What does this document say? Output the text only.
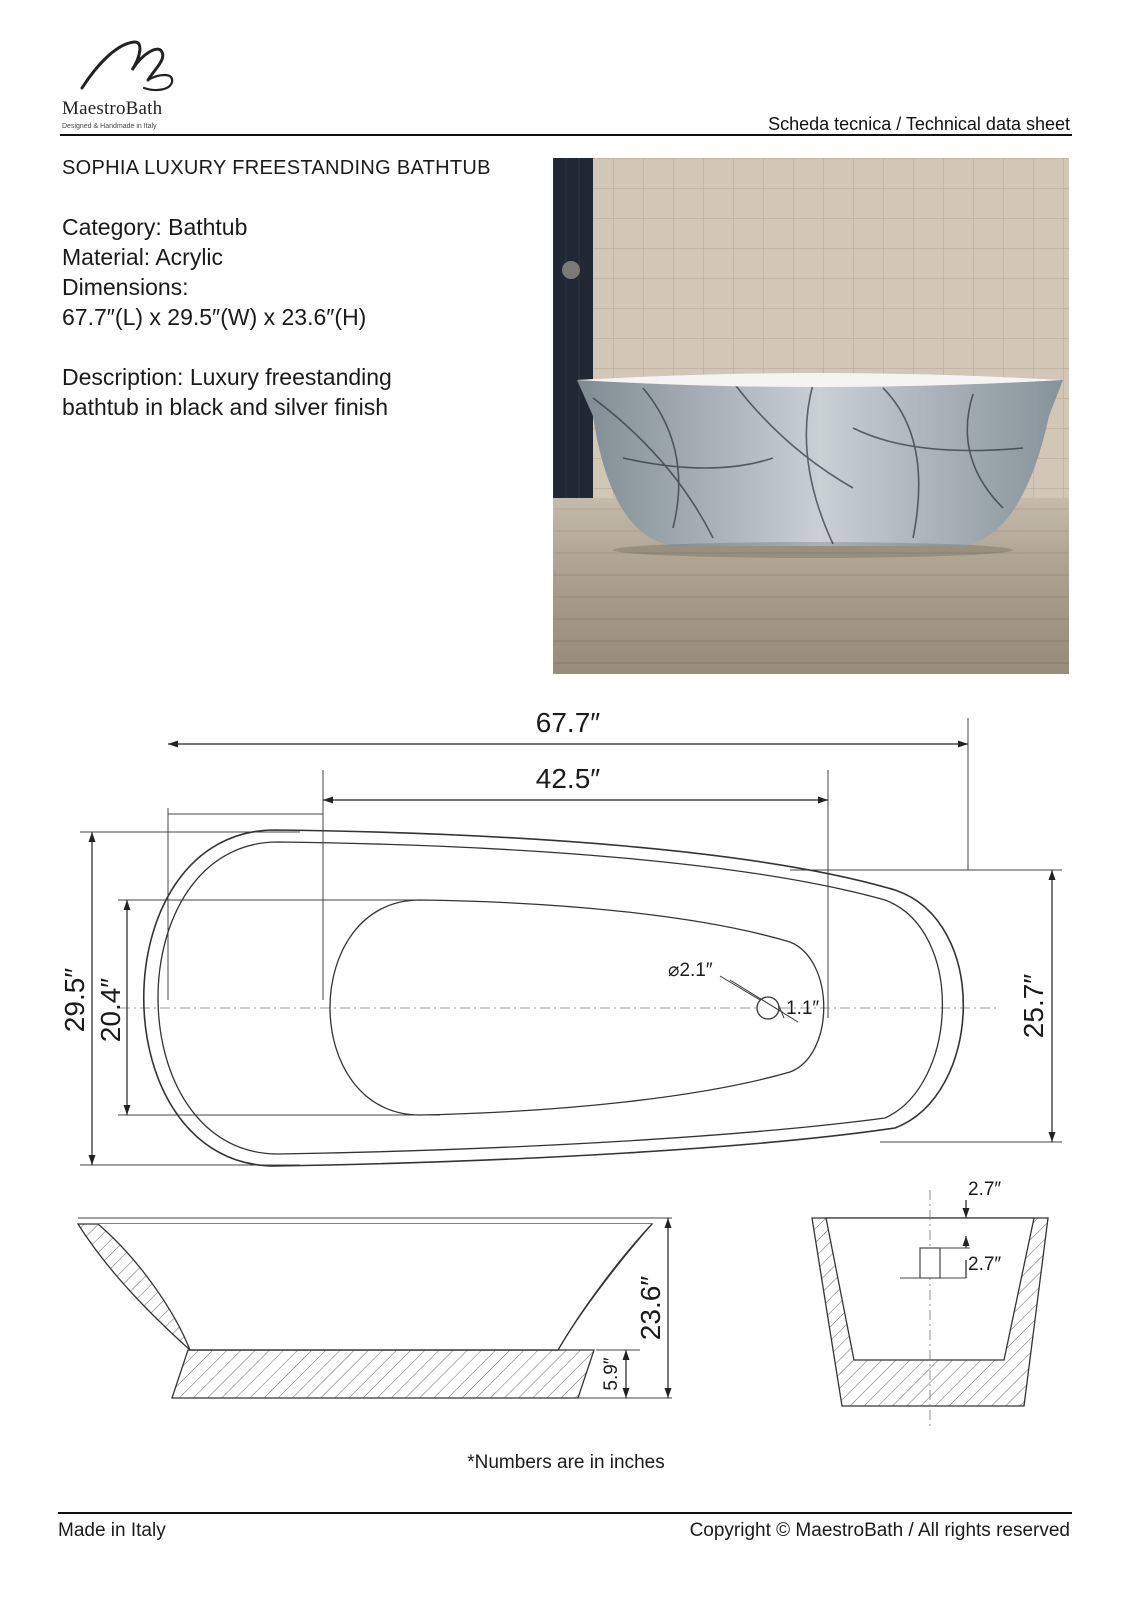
MaestroBath
Designed & Handmade in Italy	Scheda tecnica / Technical data sheet
SOPHIA LUXURY FREESTANDING BATHTUB
Category: Bathtub
Material: Acrylic
Dimensions:
67.7″(L) x 29.5″(W) x 23.6″(H)
Description: Luxury freestanding
bathtub in black and silver finish
67.7″
42.5″
29.5″ 20.4″	25.7″
⌀2.1″
1.1″
23.6″
5.9″
2.7″
2.7″
*Numbers are in inches
Made in Italy	Copyright © MaestroBath / All rights reserved
